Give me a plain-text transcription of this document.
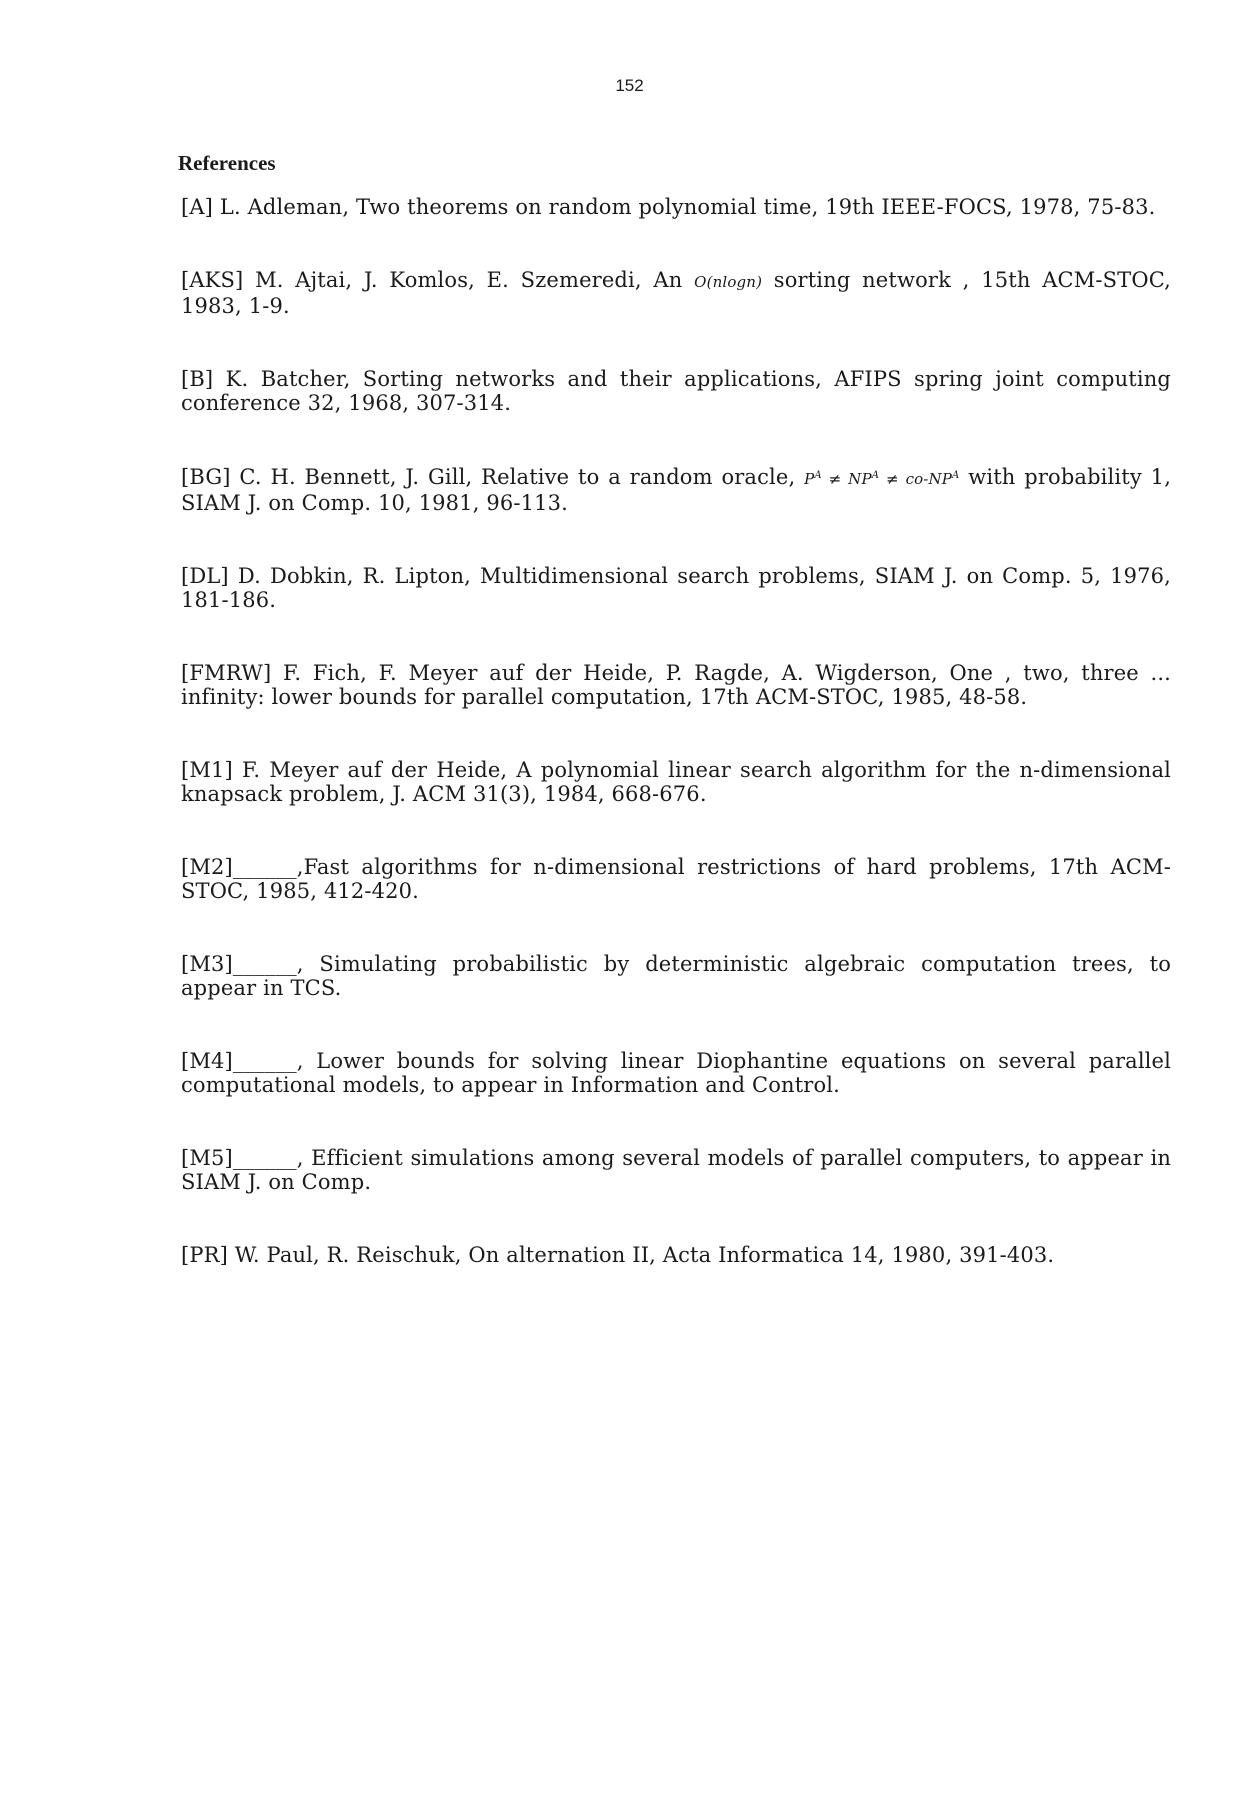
152
References

[A] L. Adleman, Two theorems on random polynomial time, 19th IEEE-FOCS, 1978, 75-83.

[AKS] M. Ajtai, J. Komlos, E. Szemeredi, An O(nlogn) sorting network , 15th ACM-STOC, 1983, 1-9.

[B] K. Batcher, Sorting networks and their applications, AFIPS spring joint computing conference 32, 1968, 307-314.

[BG] C. H. Bennett, J. Gill, Relative to a random oracle, $P^A \ne NP^A \ne co-NP^A$ with probability 1, SIAM J. on Comp. 10, 1981, 96-113.

[DL] D. Dobkin, R. Lipton, Multidimensional search problems, SIAM J. on Comp. 5, 1976, 181-186.

[FMRW] F. Fich, F. Meyer auf der Heide, P. Ragde, A. Wigderson, One , two, three ... infinity: lower bounds for parallel computation, 17th ACM-STOC, 1985, 48-58.

[M1] F. Meyer auf der Heide, A polynomial linear search algorithm for the n-dimensional knapsack problem, J. ACM 31(3), 1984, 668-676.

[M2]______,Fast algorithms for n-dimensional restrictions of hard problems, 17th ACM-STOC, 1985, 412-420.

[M3]______, Simulating probabilistic by deterministic algebraic computation trees, to appear in TCS.

[M4]______, Lower bounds for solving linear Diophantine equations on several parallel computational models, to appear in Information and Control.

[M5]______, Efficient simulations among several models of parallel computers, to appear in SIAM J. on Comp.

[PR] W. Paul, R. Reischuk, On alternation II, Acta Informatica 14, 1980, 391-403.
